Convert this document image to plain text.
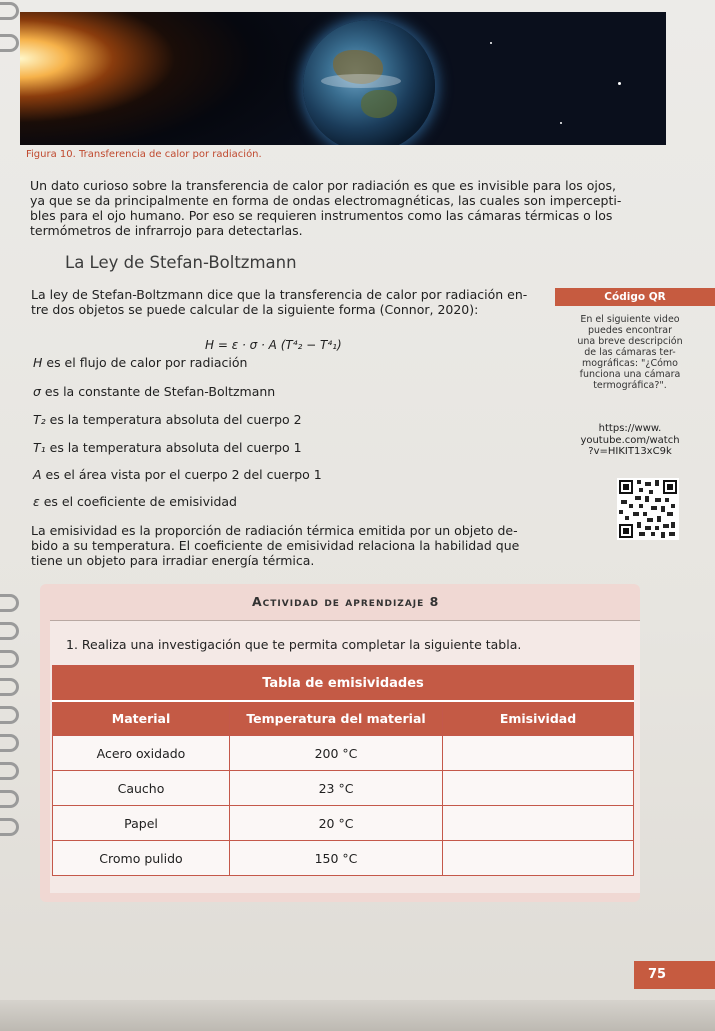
Figura 10. Transferencia de calor por radiación.
Un dato curioso sobre la transferencia de calor por radiación es que es invisible para los ojos,
ya que se da principalmente en forma de ondas electromagnéticas, las cuales son impercepti-
bles para el ojo humano. Por eso se requieren instrumentos como las cámaras térmicas o los
termómetros de infrarrojo para detectarlas.
La Ley de Stefan-Boltzmann
La ley de Stefan-Boltzmann dice que la transferencia de calor por radiación en-
tre dos objetos se puede calcular de la siguiente forma (Connor, 2020):
H = ε · σ · A (T⁴₂ − T⁴₁)
H es el flujo de calor por radiación
σ es la constante de Stefan-Boltzmann
T₂ es la temperatura absoluta del cuerpo 2
T₁ es la temperatura absoluta del cuerpo 1
A es el área vista por el cuerpo 2 del cuerpo 1
ε es el coeficiente de emisividad
La emisividad es la proporción de radiación térmica emitida por un objeto de-
bido a su temperatura. El coeficiente de emisividad relaciona la habilidad que
tiene un objeto para irradiar energía térmica.
Código QR
En el siguiente video
puedes encontrar
una breve descripción
de las cámaras ter-
mográficas: "¿Cómo
funciona una cámara
termográfica?".
https://www.
youtube.com/watch
?v=HIKIT13xC9k
Actividad de aprendizaje 8
1. Realiza una investigación que te permita completar la siguiente tabla.
Tabla de emisividades		
Material	Temperatura del material	Emisividad
Acero oxidado	200 °C	
Caucho	23 °C	
Papel	20 °C	
Cromo pulido	150 °C	
75
